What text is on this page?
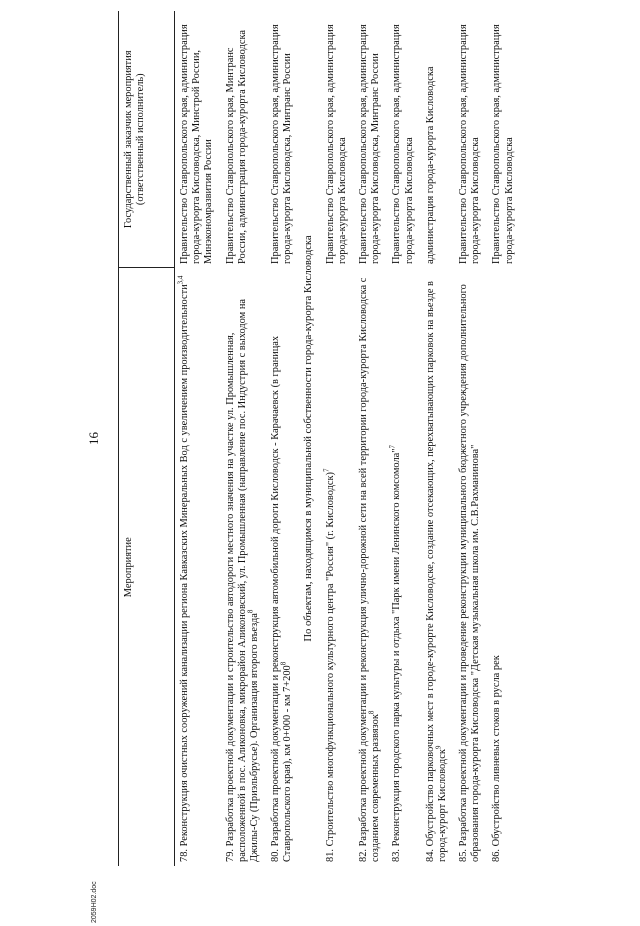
2059H02.doc
16
Мероприятие	Государственный заказчик мероприятия (ответственный исполнитель)

78. Реконструкция очистных сооружений канализации региона Кавказских Минеральных Вод с увеличением производительности$^{3,4}$	Правительство Ставропольского края, администрация города-курорта Кисловодска, Минстрой России, Минэкономразвития России
79. Разработка проектной документации и строительство автодороги местного значения на участке ул. Промышленная, расположенной в пос. Аликоновка, микрорайон Аликоновский, ул. Промышленная (направление пос. Индустрия с выходом на Джилы-Су (Приэльбрусье). Организация второго въезда$^8$	Правительство Ставропольского края, Минтранс России, администрация города-курорта Кисловодска
80. Разработка проектной документации и реконструкция автомобильной дороги Кисловодск - Карачаевск (в границах Ставропольского края), км 0+000 - км $7+200^8$	Правительство Ставропольского края, администрация города-курорта Кисловодска, Минтранс России
По объектам, находящимся в муниципальной собственности города-курорта Кисловодска	
81. Строительство многофункционального культурного центра "Россия" (г. Кисловодск)$^7$	Правительство Ставропольского края, администрация города-курорта Кисловодска
82. Разработка проектной документации и реконструкция улично-дорожной сети на всей территории города-курорта Кисловодска с созданием современных развязок$^8$	Правительство Ставропольского края, администрация города-курорта Кисловодска, Минтранс России
83. Реконструкция городского парка культуры и отдыха "Парк имени Ленинского комсомола"$^7$	Правительство Ставропольского края, администрация города-курорта Кисловодска
84. Обустройство парковочных мест в городе-курорте Кисловодске, создание отсекающих, перехватывающих парковок на въезде в город-курорт Кисловодск$^9$	администрация города-курорта Кисловодска
85. Разработка проектной документации и проведение реконструкции муниципального бюджетного учреждения дополнительного образования города-курорта Кисловодска "Детская музыкальная школа им. С.В.Рахманинова"	Правительство Ставропольского края, администрация города-курорта Кисловодска
86. Обустройство ливневых стоков в русла рек	Правительство Ставропольского края, администрация города-курорта Кисловодска
